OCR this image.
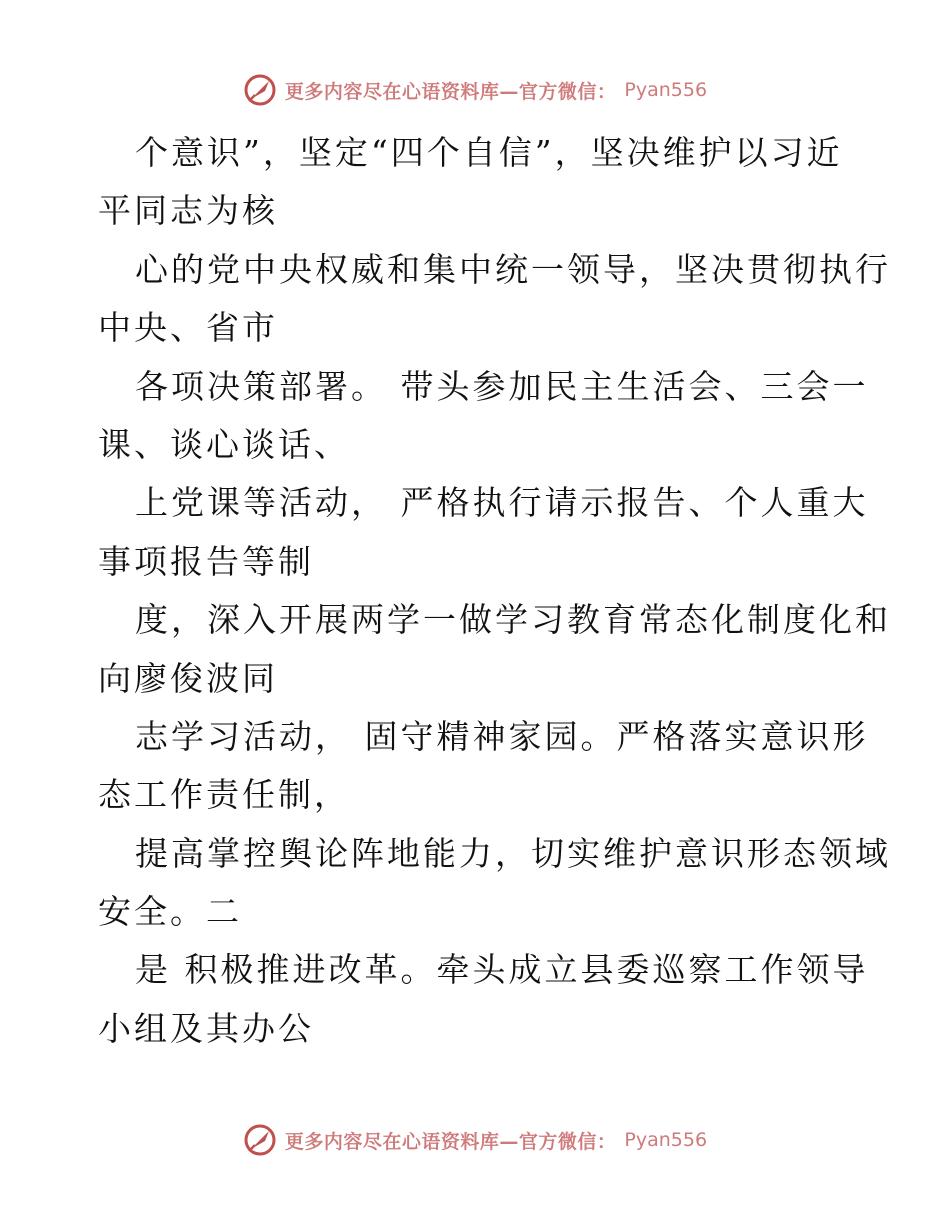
更多内容尽在心语资料库—官方微信： Pyan556
个意识”，坚定“四个自信”，坚决维护以习近
平同志为核
心的党中央权威和集中统一领导，坚决贯彻执行
中央、省市
各项决策部署。 带头参加民主生活会、三会一
课、谈心谈话、
上党课等活动， 严格执行请示报告、个人重大
事项报告等制
度，深入开展两学一做学习教育常态化制度化和
向廖俊波同
志学习活动， 固守精神家园。严格落实意识形
态工作责任制，
提高掌控舆论阵地能力，切实维护意识形态领域
安全。二
是 积极推进改革。牵头成立县委巡察工作领导
小组及其办公
更多内容尽在心语资料库—官方微信： Pyan556
